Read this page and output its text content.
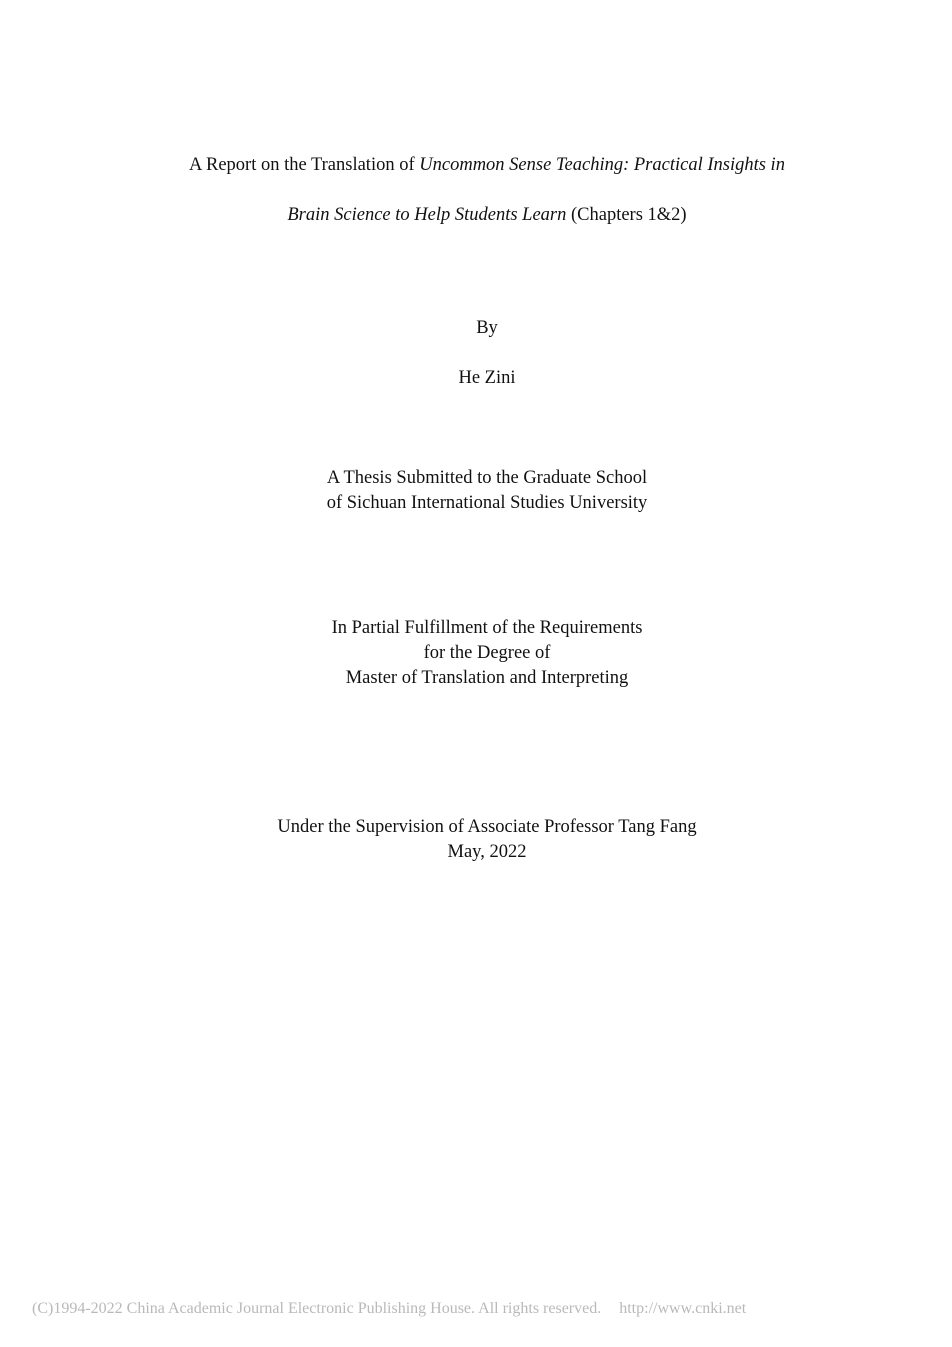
A Report on the Translation of Uncommon Sense Teaching: Practical Insights in
Brain Science to Help Students Learn (Chapters 1&2)
By
He Zini
A Thesis Submitted to the Graduate School
of Sichuan International Studies University
In Partial Fulfillment of the Requirements
for the Degree of
Master of Translation and Interpreting
Under the Supervision of Associate Professor Tang Fang
May, 2022
(C)1994-2022 China Academic Journal Electronic Publishing House. All rights reserved. http://www.cnki.net
